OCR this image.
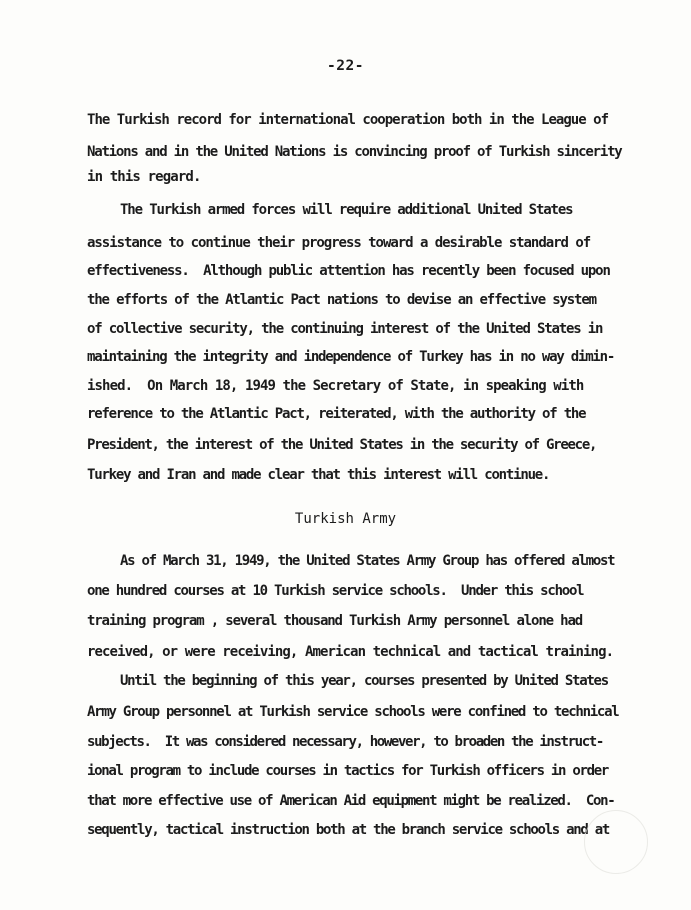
-22-
The Turkish record for international cooperation both in the League of
Nations and in the United Nations is convincing proof of Turkish sincerity
in this regard.
The Turkish armed forces will require additional United States
assistance to continue their progress toward a desirable standard of
effectiveness.  Although public attention has recently been focused upon
the efforts of the Atlantic Pact nations to devise an effective system
of collective security, the continuing interest of the United States in
maintaining the integrity and independence of Turkey has in no way dimin-
ished.  On March 18, 1949 the Secretary of State, in speaking with
reference to the Atlantic Pact, reiterated, with the authority of the
President, the interest of the United States in the security of Greece,
Turkey and Iran and made clear that this interest will continue.
Turkish Army
As of March 31, 1949, the United States Army Group has offered almost
one hundred courses at 10 Turkish service schools.  Under this school
training program , several thousand Turkish Army personnel alone had
received, or were receiving, American technical and tactical training.
Until the beginning of this year, courses presented by United States
Army Group personnel at Turkish service schools were confined to technical
subjects.  It was considered necessary, however, to broaden the instruct-
ional program to include courses in tactics for Turkish officers in order
that more effective use of American Aid equipment might be realized.  Con-
sequently, tactical instruction both at the branch service schools and at
